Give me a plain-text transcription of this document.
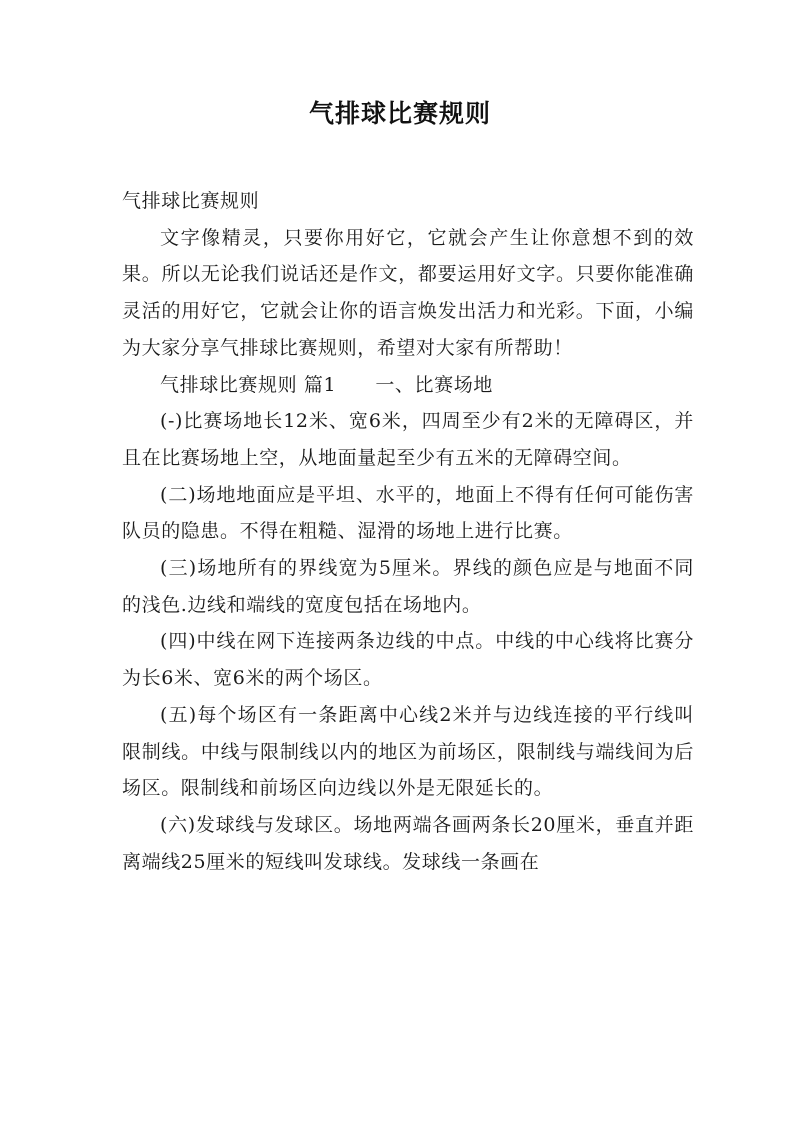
气排球比赛规则

气排球比赛规则

文字像精灵，只要你用好它，它就会产生让你意想不到的效果。所以无论我们说话还是作文，都要运用好文字。只要你能准确灵活的用好它，它就会让你的语言焕发出活力和光彩。下面，小编为大家分享气排球比赛规则，希望对大家有所帮助！

气排球比赛规则 篇1　　一、比赛场地

(-)比赛场地长12米、宽6米，四周至少有2米的无障碍区，并且在比赛场地上空，从地面量起至少有五米的无障碍空间。

(二)场地地面应是平坦、水平的，地面上不得有任何可能伤害队员的隐患。不得在粗糙、湿滑的场地上进行比赛。

(三)场地所有的界线宽为5厘米。界线的颜色应是与地面不同的浅色.边线和端线的宽度包括在场地内。

(四)中线在网下连接两条边线的中点。中线的中心线将比赛分为长6米、宽6米的两个场区。

(五)每个场区有一条距离中心线2米并与边线连接的平行线叫限制线。中线与限制线以内的地区为前场区，限制线与端线间为后场区。限制线和前场区向边线以外是无限延长的。

(六)发球线与发球区。场地两端各画两条长20厘米，垂直并距离端线25厘米的短线叫发球线。发球线一条画在
